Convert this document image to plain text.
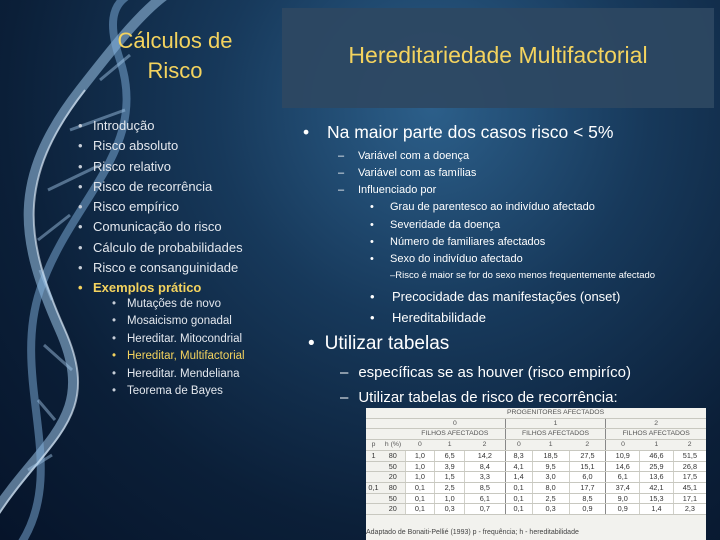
Cálculos de
Risco
Hereditariedade Multifactorial
• Introdução
• Risco absoluto
• Risco relativo
• Risco de recorrência
• Risco empírico
• Comunicação do risco
• Cálculo de probabilidades
• Risco e consanguinidade
• Exemplos prático
• Mutações de novo
• Mosaicismo gonadal
• Hereditar. Mitocondrial
• Hereditar, Multifactorial
• Hereditar. Mendeliana
• Teorema de Bayes
• Na maior parte dos casos risco < 5%
– Variável com a doença
– Variável com as famílias
– Influenciado por
• Grau de parentesco ao indivíduo afectado
• Severidade da doença
• Número de familiares afectados
• Sexo do indivíduo afectado
–Risco é maior se for do sexo menos frequentemente afectado
• Precocidade das manifestações (onset)
• Hereditabilidade
• Utilizar tabelas
– específicas se as houver (risco empiríco)
– Utilizar tabelas de risco de recorrência:
		PROGENITORES AFECTADOS								
		0			1			2		
		FILHOS AFECTADOS			FILHOS AFECTADOS			FILHOS AFECTADOS		
p	h (%)	0	1	2	0	1	2	0	1	2
1	80	1,0	6,5	14,2	8,3	18,5	27,5	10,9	46,6	51,5
	50	1,0	3,9	8,4	4,1	9,5	15,1	14,6	25,9	26,8
	20	1,0	1,5	3,3	1,4	3,0	6,0	6,1	13,6	17,5
0,1	80	0,1	2,5	8,5	0,1	8,0	17,7	37,4	42,1	45,1
	50	0,1	1,0	6,1	0,1	2,5	8,5	9,0	15,3	17,1
	20	0,1	0,3	0,7	0,1	0,3	0,9	0,9	1,4	2,3
Adaptado de Bonaiti-Pellié (1993) p - frequência; h - hereditabilidade
